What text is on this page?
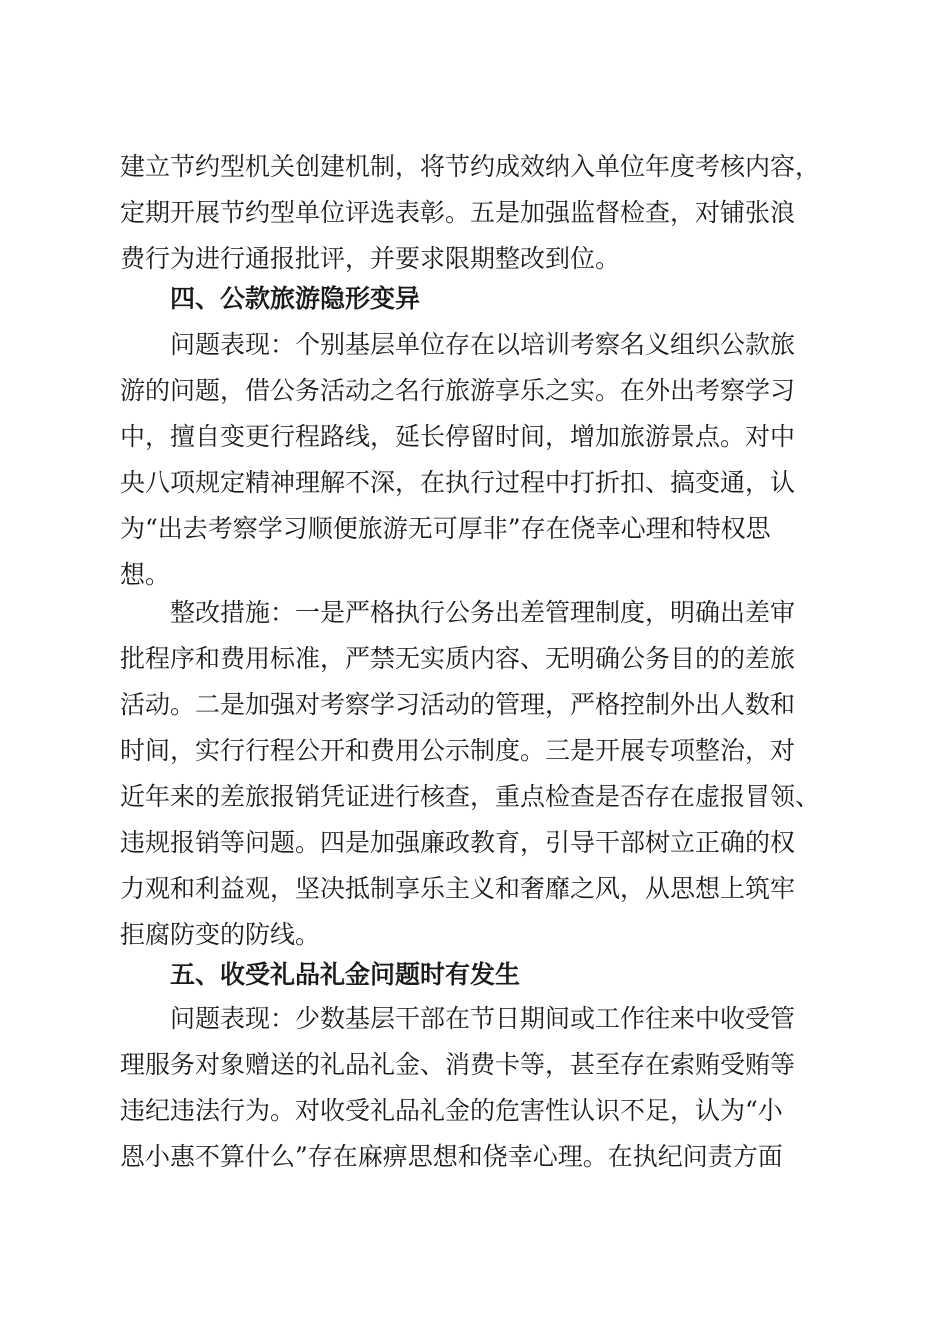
建立节约型机关创建机制，将节约成效纳入单位年度考核内容，
定期开展节约型单位评选表彰。五是加强监督检查，对铺张浪
费行为进行通报批评，并要求限期整改到位。
四、公款旅游隐形变异
问题表现：个别基层单位存在以培训考察名义组织公款旅
游的问题，借公务活动之名行旅游享乐之实。在外出考察学习
中，擅自变更行程路线，延长停留时间，增加旅游景点。对中
央八项规定精神理解不深，在执行过程中打折扣、搞变通，认
为“出去考察学习顺便旅游无可厚非”存在侥幸心理和特权思
想。
整改措施：一是严格执行公务出差管理制度，明确出差审
批程序和费用标准，严禁无实质内容、无明确公务目的的差旅
活动。二是加强对考察学习活动的管理，严格控制外出人数和
时间，实行行程公开和费用公示制度。三是开展专项整治，对
近年来的差旅报销凭证进行核查，重点检查是否存在虚报冒领、
违规报销等问题。四是加强廉政教育，引导干部树立正确的权
力观和利益观，坚决抵制享乐主义和奢靡之风，从思想上筑牢
拒腐防变的防线。
五、收受礼品礼金问题时有发生
问题表现：少数基层干部在节日期间或工作往来中收受管
理服务对象赠送的礼品礼金、消费卡等，甚至存在索贿受贿等
违纪违法行为。对收受礼品礼金的危害性认识不足，认为“小
恩小惠不算什么”存在麻痹思想和侥幸心理。在执纪问责方面
